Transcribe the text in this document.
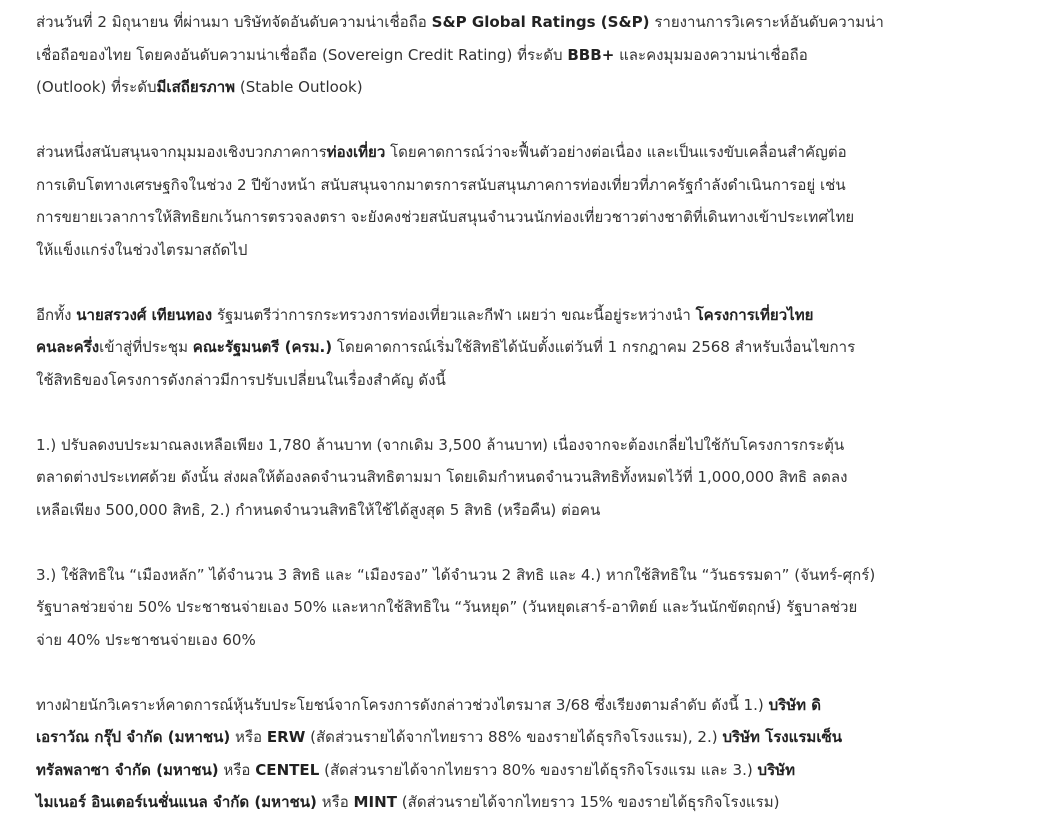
ส่วนวันที่ 2 มิถุนายน ที่ผ่านมา บริษัทจัดอันดับความน่าเชื่อถือ S&P Global Ratings (S&P) รายงานการวิเคราะห์อันดับความน่า
เชื่อถือของไทย โดยคงอันดับความน่าเชื่อถือ (Sovereign Credit Rating) ที่ระดับ BBB+ และคงมุมมองความน่าเชื่อถือ
(Outlook) ที่ระดับมีเสถียรภาพ (Stable Outlook)

ส่วนหนึ่งสนับสนุนจากมุมมองเชิงบวกภาคการท่องเที่ยว โดยคาดการณ์ว่าจะฟื้นตัวอย่างต่อเนื่อง และเป็นแรงขับเคลื่อนสำคัญต่อ
การเติบโตทางเศรษฐกิจในช่วง 2 ปีข้างหน้า สนับสนุนจากมาตรการสนับสนุนภาคการท่องเที่ยวที่ภาครัฐกำลังดำเนินการอยู่ เช่น
การขยายเวลาการให้สิทธิยกเว้นการตรวจลงตรา จะยังคงช่วยสนับสนุนจำนวนนักท่องเที่ยวชาวต่างชาติที่เดินทางเข้าประเทศไทย
ให้แข็งแกร่งในช่วงไตรมาสถัดไป

อีกทั้ง นายสรวงศ์ เทียนทอง รัฐมนตรีว่าการกระทรวงการท่องเที่ยวและกีฬา เผยว่า ขณะนี้อยู่ระหว่างนำ โครงการเที่ยวไทย
คนละครึ่งเข้าสู่ที่ประชุม คณะรัฐมนตรี (ครม.) โดยคาดการณ์เริ่มใช้สิทธิได้นับตั้งแต่วันที่ 1 กรกฎาคม 2568 สำหรับเงื่อนไขการ
ใช้สิทธิของโครงการดังกล่าวมีการปรับเปลี่ยนในเรื่องสำคัญ ดังนี้

1.) ปรับลดงบประมาณลงเหลือเพียง 1,780 ล้านบาท (จากเดิม 3,500 ล้านบาท) เนื่องจากจะต้องเกลี่ยไปใช้กับโครงการกระตุ้น
ตลาดต่างประเทศด้วย ดังนั้น ส่งผลให้ต้องลดจำนวนสิทธิตามมา โดยเดิมกำหนดจำนวนสิทธิทั้งหมดไว้ที่ 1,000,000 สิทธิ ลดลง
เหลือเพียง 500,000 สิทธิ, 2.) กำหนดจำนวนสิทธิให้ใช้ได้สูงสุด 5 สิทธิ (หรือคืน) ต่อคน

3.) ใช้สิทธิใน “เมืองหลัก” ได้จำนวน 3 สิทธิ และ “เมืองรอง” ได้จำนวน 2 สิทธิ และ 4.) หากใช้สิทธิใน “วันธรรมดา” (จันทร์-ศุกร์)
รัฐบาลช่วยจ่าย 50% ประชาชนจ่ายเอง 50% และหากใช้สิทธิใน “วันหยุด” (วันหยุดเสาร์-อาทิตย์ และวันนักขัตฤกษ์) รัฐบาลช่วย
จ่าย 40% ประชาชนจ่ายเอง 60%

ทางฝ่ายนักวิเคราะห์คาดการณ์หุ้นรับประโยชน์จากโครงการดังกล่าวช่วงไตรมาส 3/68 ซึ่งเรียงตามลำดับ ดังนี้ 1.) บริษัท ดิ
เอราวัณ กรุ๊ป จำกัด (มหาชน) หรือ ERW (สัดส่วนรายได้จากไทยราว 88% ของรายได้ธุรกิจโรงแรม), 2.) บริษัท โรงแรมเซ็น
ทรัลพลาซา จำกัด (มหาชน) หรือ CENTEL (สัดส่วนรายได้จากไทยราว 80% ของรายได้ธุรกิจโรงแรม และ 3.) บริษัท
ไมเนอร์ อินเตอร์เนชั่นแนล จำกัด (มหาชน) หรือ MINT (สัดส่วนรายได้จากไทยราว 15% ของรายได้ธุรกิจโรงแรม)
